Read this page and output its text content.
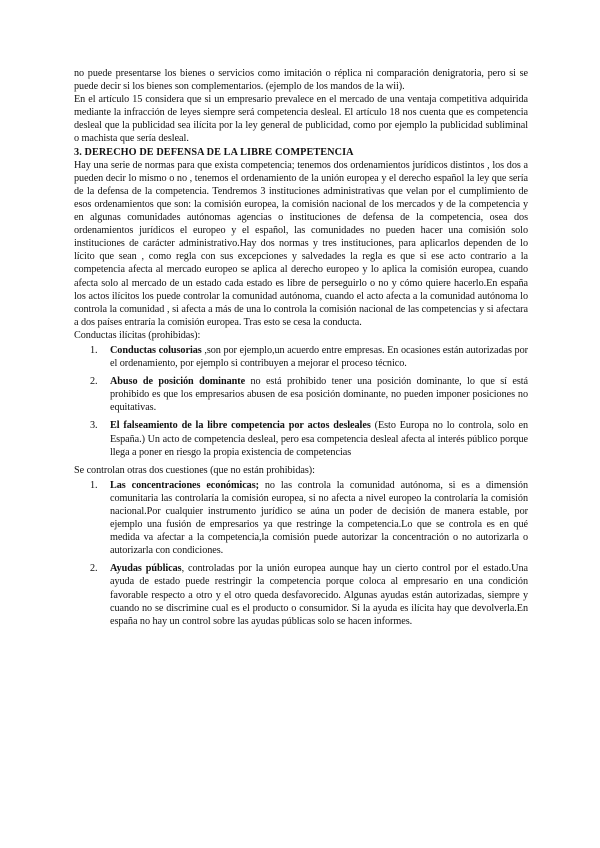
no puede presentarse los bienes o servicios como imitación o réplica ni comparación denigratoria, pero si se puede decir si los bienes son complementarios. (ejemplo de los mandos de la wii).

En el artículo 15 considera que si un empresario prevalece en el mercado de una ventaja competitiva adquirida mediante la infracción de leyes siempre será competencia desleal. El artículo 18 nos cuenta que es competencia desleal que la publicidad sea ilícita por la ley general de publicidad, como por ejemplo la publicidad subliminal o machista que sería desleal.

3. DERECHO DE DEFENSA DE LA LIBRE COMPETENCIA

Hay una serie de normas para que exista competencia; tenemos dos ordenamientos jurídicos distintos , los dos a pueden decir lo mismo o no , tenemos el ordenamiento de la unión europea y el derecho español la ley que sería de la defensa de la competencia. Tendremos 3 instituciones administrativas que velan por el cumplimiento de esos ordenamientos que son: la comisión europea, la comisión nacional de los mercados y de la competencia y en algunas comunidades autónomas agencias o instituciones de defensa de la competencia, osea dos ordenamientos jurídicos el europeo y el español, las comunidades no pueden hacer una comisión solo instituciones de carácter administrativo.Hay dos normas y tres instituciones, para aplicarlos dependen de lo lícito que sean , como regla con sus excepciones y salvedades la regla es que si ese acto contrario a la competencia afecta al mercado europeo se aplica al derecho europeo y lo aplica la comisión europea, cuando afecta solo al mercado de un estado cada estado es libre de perseguirlo o no y cómo quiere hacerlo.En españa los actos ilícitos los puede controlar la comunidad autónoma, cuando el acto afecta a la comunidad autónoma lo controla la comunidad , si afecta a más de una lo controla la comisión nacional de las competencias y si afectara a dos países entraría la comisión europea. Tras esto se cesa la conducta.

Conductas ilícitas (prohibidas):

1. Conductas colusorias ,son por ejemplo,un acuerdo entre empresas. En ocasiones están autorizadas por el ordenamiento, por ejemplo si contribuyen a mejorar el proceso técnico.

2. Abuso de posición dominante no está prohibido tener una posición dominante, lo que sí está prohibido es que los empresarios abusen de esa posición dominante, no pueden imponer posiciones no equitativas.

3. El falseamiento de la libre competencia por actos desleales (Esto Europa no lo controla, solo en España.) Un acto de competencia desleal, pero esa competencia desleal afecta al interés público porque llega a poner en riesgo la propia existencia de competencias

Se controlan otras dos cuestiones (que no están prohibidas):

1. Las concentraciones económicas; no las controla la comunidad autónoma, si es a dimensión comunitaria las controlaría la comisión europea, si no afecta a nivel europeo la controlaría la comisión nacional.Por cualquier instrumento jurídico se aúna un poder de decisión de manera estable, por ejemplo una fusión de empresarios ya que restringe la competencia.Lo que se controla es en qué medida va afectar a la competencia,la comisión puede autorizar la concentración o no autorizarla o autorizarla con condiciones.

2. Ayudas públicas, controladas por la unión europea aunque hay un cierto control por el estado.Una ayuda de estado puede restringir la competencia porque coloca al empresario en una condición favorable respecto a otro y el otro queda desfavorecido. Algunas ayudas están autorizadas, siempre y cuando no se discrimine cual es el producto o consumidor. Si la ayuda es ilícita hay que devolverla.En españa no hay un control sobre las ayudas públicas solo se hacen informes.
